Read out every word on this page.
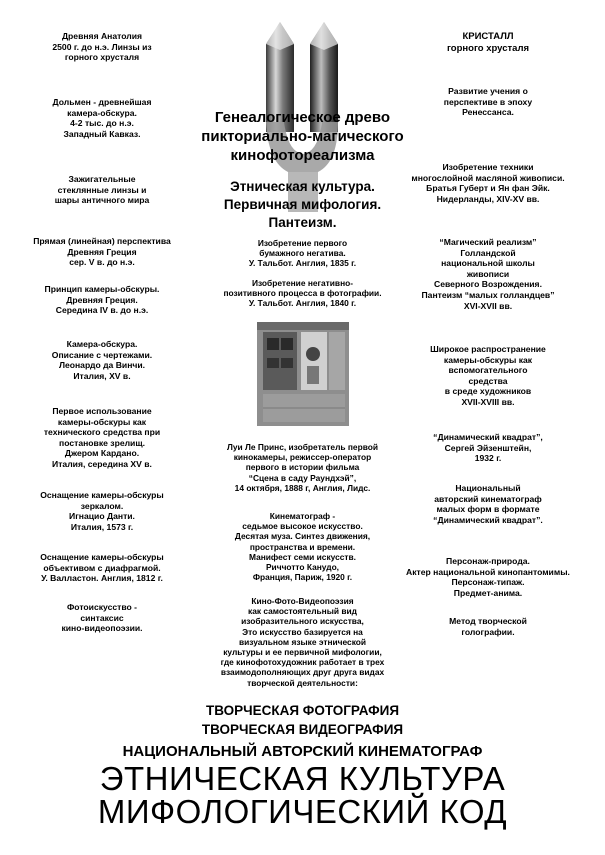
Генеалогическое древо
пикториально-магического
кинофотореализма
Этническая культура.
Первичная мифология.
Пантеизм.
Древняя Анатолия
2500 г. до н.э. Линзы из
горного хрусталя
Дольмен - древнейшая
камера-обскура.
4-2 тыс. до н.э.
Западный Кавказ.
Зажигательные
стеклянные линзы и
шары античного мира
Прямая (линейная) перспектива
Древняя Греция
сер. V в. до н.э.
Принцип камеры-обскуры.
Древняя Греция.
Середина IV в. до н.э.
Камера-обскура.
Описание с чертежами.
Леонардо да Винчи.
Италия, XV в.
Первое использование
камеры-обскуры как
технического средства при
постановке зрелищ.
Джером Кардано.
Италия, середина XV в.
Оснащение камеры-обскуры
зеркалом.
Игнацио Данти.
Италия, 1573 г.
Оснащение камеры-обскуры
объективом с диафрагмой.
У. Валластон. Англия, 1812 г.
Фотоискусство -
синтаксис
кино-видеопоэзии.
КРИСТАЛЛ
горного хрусталя
Развитие учения о
перспективе в эпоху
Ренессанса.
Изобретение техники
многослойной масляной живописи.
Братья Губерт и Ян фан Эйк.
Нидерланды, XIV-XV вв.
“Магический реализм”
Голландской
национальной школы
живописи
Северного Возрождения.
Пантеизм “малых голландцев”
XVI-XVII вв.
Широкое распространение
камеры-обскуры как
вспомогательного
средства
в среде художников
XVII-XVIII вв.
“Динамический квадрат”,
Сергей Эйзенштейн,
1932 г.
Национальный
авторский кинематограф
малых форм в формате
“Динамический квадрат”.
Персонаж-природа.
Актер национальной кинопантомимы.
Персонаж-типаж.
Предмет-анима.
Метод творческой
голографии.
Изобретение первого
бумажного негатива.
У. Тальбот. Англия, 1835 г.
Изобретение негативно-
позитивного процесса в фотографии.
У. Тальбот. Англия, 1840 г.
Луи Ле Принс, изобретатель первой
кинокамеры, режиссер-оператор
первого в истории фильма
“Сцена в саду Раундхэй”,
14 октября, 1888 г, Англия, Лидс.
Кинематограф -
седьмое высокое искусство.
Десятая муза. Синтез движения,
пространства и времени.
Манифест семи искусств.
Риччотто Канудо,
Франция, Париж, 1920 г.
Кино-Фото-Видеопоэзия
как самостоятельный вид
изобразительного искусства,
Это искусство базируется на
визуальном языке этнической
культуры и ее первичной мифологии,
где кинофотохудожник работает в трех
взаимодополняющих друг друга видах
творческой деятельности:
ТВОРЧЕСКАЯ ФОТОГРАФИЯ
ТВОРЧЕСКАЯ ВИДЕОГРАФИЯ
НАЦИОНАЛЬНЫЙ АВТОРСКИЙ КИНЕМАТОГРАФ
ЭТНИЧЕСКАЯ КУЛЬТУРА
МИФОЛОГИЧЕСКИЙ КОД
